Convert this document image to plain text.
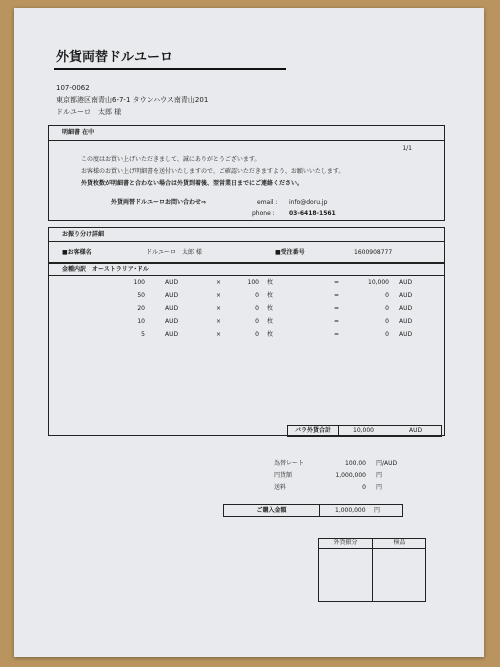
外貨両替ドルユーロ
107-0062
東京都港区南青山6-7-1 タウンハウス南青山201
ドルユーロ　太郎 様
明細書 在中
1/1
この度はお買い上げいただきまして、誠にありがとうございます。
お客様のお買い上げ明細書を送付いたしますので、ご確認いただきますよう、お願いいたします。
外貨枚数が明細書と合わない場合は外貨到着後、翌営業日までにご連絡ください。
外貨両替ドルユーロお問い合わせ⇒	email : info@doru.jp
phone : 03-6418-1561
お振り分け詳細
■お客様名	ドルユーロ　太郎 様	■受注番号	1600908777
金種内訳　オーストラリア･ドル
100	AUD	×	100 枚	=	10,000 AUD
50	AUD	×	0 枚	=	0 AUD
20	AUD	×	0 枚	=	0 AUD
10	AUD	×	0 枚	=	0 AUD
5	AUD	×	0 枚	=	0 AUD
バラ外貨合計	10,000	AUD
為替レート	100.00 円/AUD
円貨額	1,000,000 円
送料	0 円
ご購入金額	1,000,000 円
外貨振分	検品
